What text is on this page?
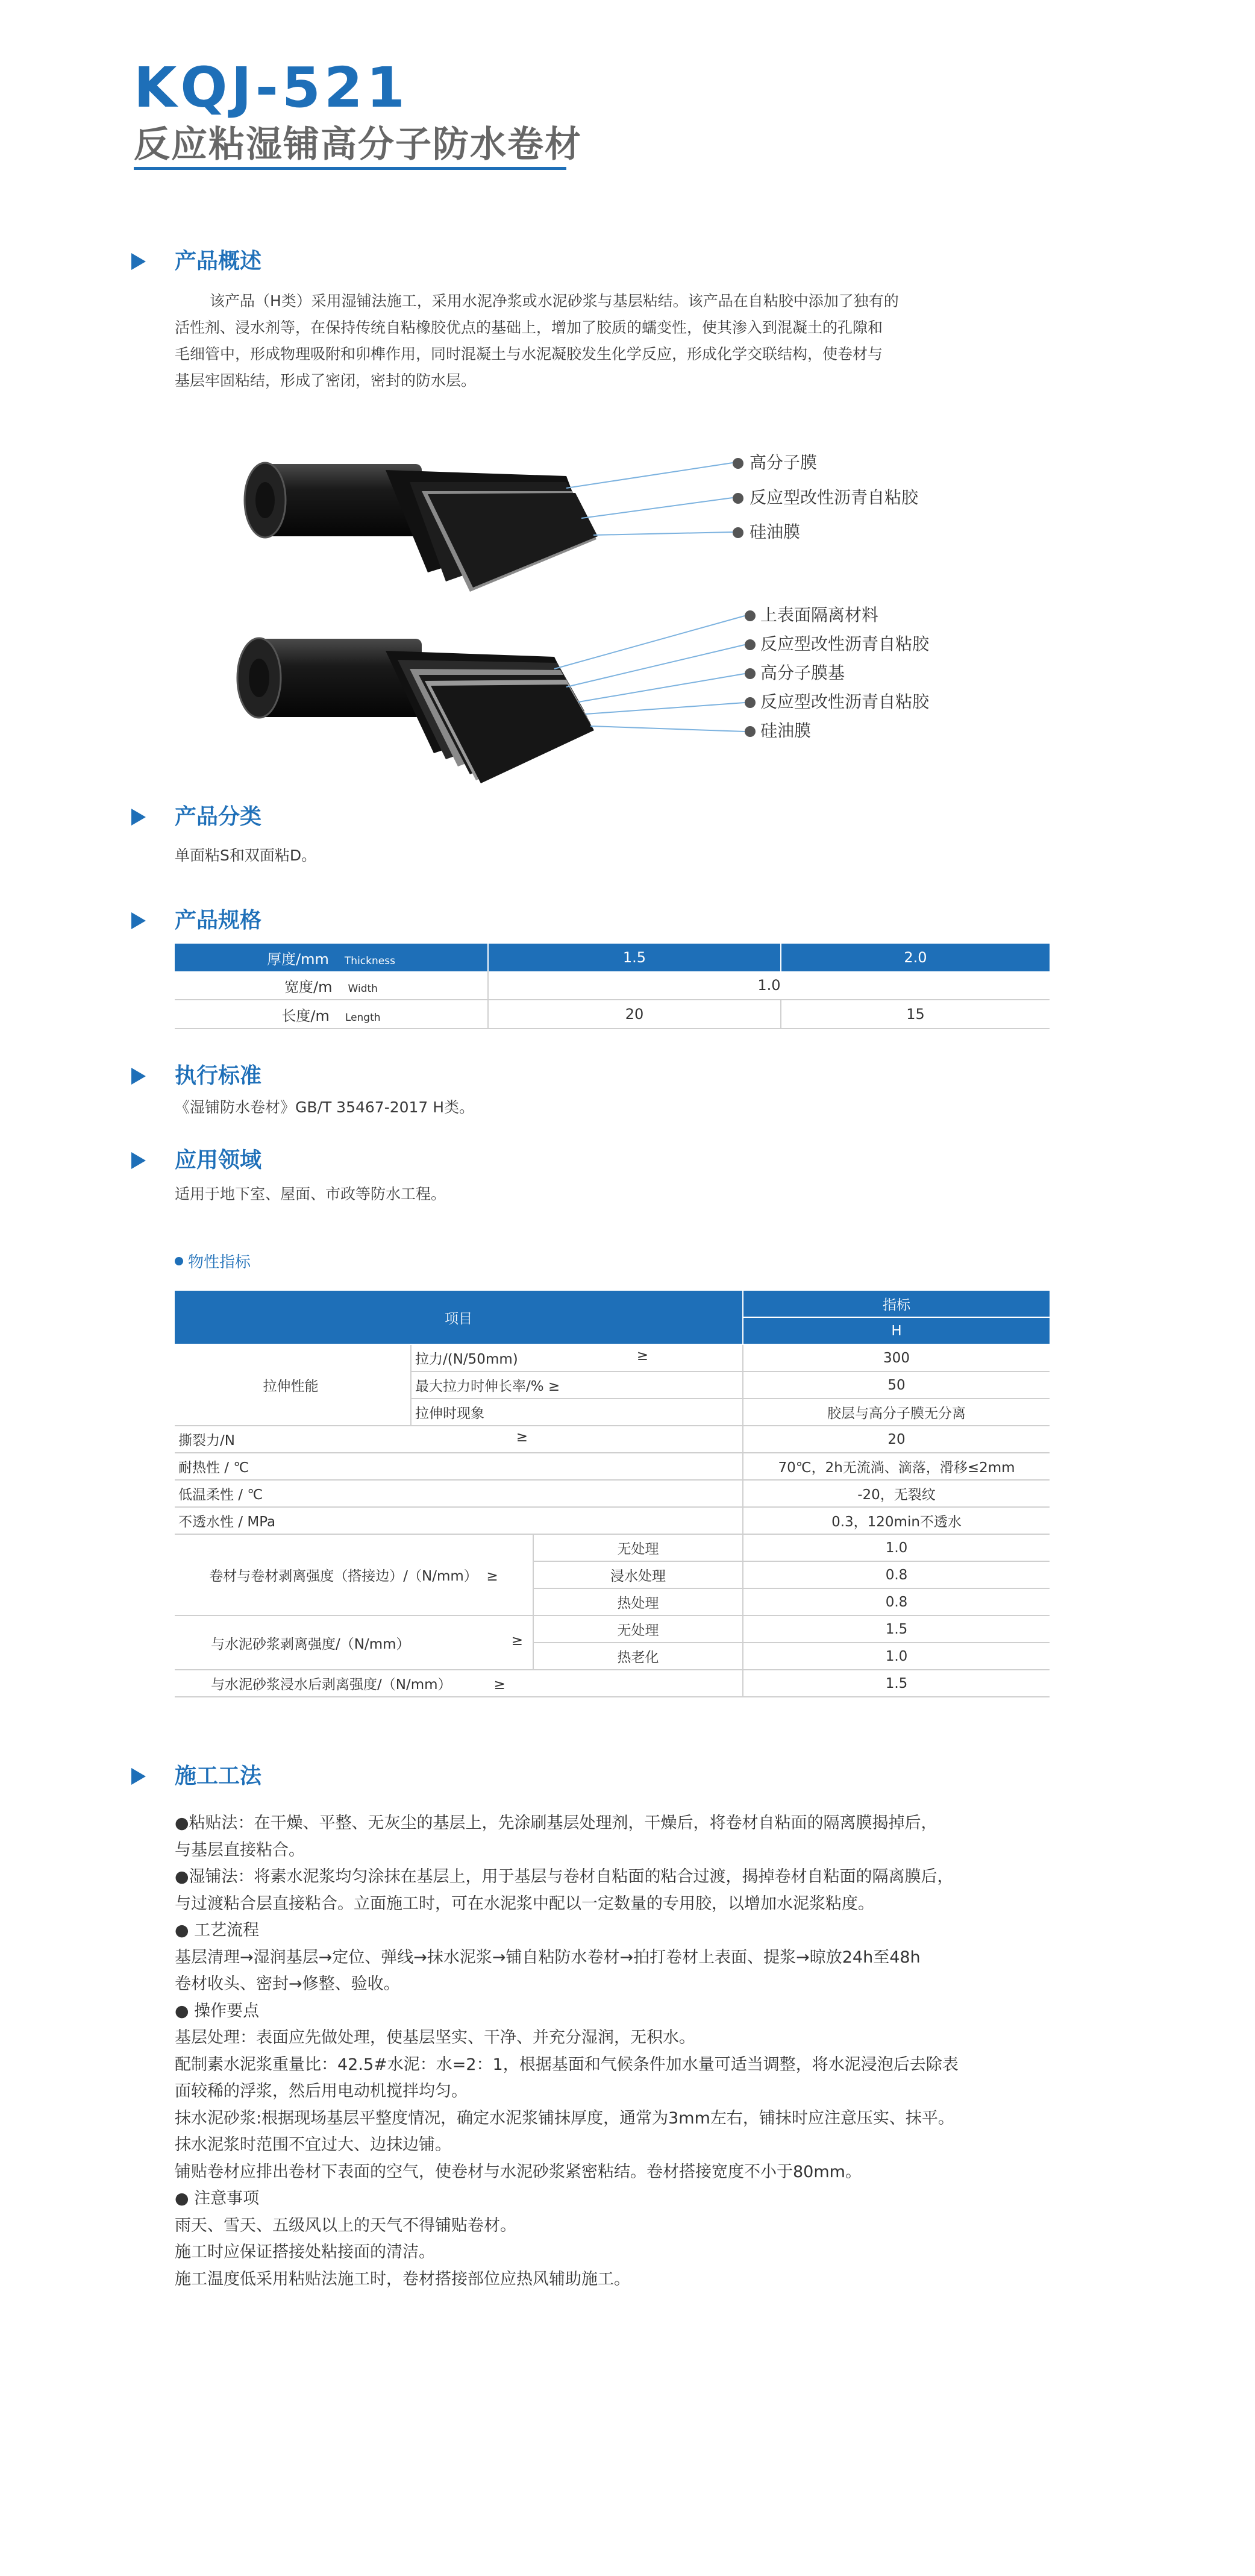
KQJ-521
反应粘湿铺高分子防水卷材
产品概述

该产品（H类）采用湿铺法施工，采用水泥净浆或水泥砂浆与基层粘结。该产品在自粘胶中添加了独有的

活性剂、浸水剂等，在保持传统自粘橡胶优点的基础上，增加了胶质的蠕变性，使其渗入到混凝土的孔隙和

毛细管中，形成物理吸附和卯榫作用，同时混凝土与水泥凝胶发生化学反应，形成化学交联结构，使卷材与

基层牢固粘结，形成了密闭，密封的防水层。

高分子膜
反应型改性沥青自粘胶
硅油膜
上表面隔离材料
反应型改性沥青自粘胶
高分子膜基
反应型改性沥青自粘胶
硅油膜
产品分类
单面粘S和双面粘D。
产品规格
厚度/mm Thickness	1.5	2.0
宽度/m Width	1.0	
长度/m Length	20	15
执行标准
《湿铺防水卷材》GB/T 35467-2017 H类。
应用领域
适用于地下室、屋面、市政等防水工程。
物性指标
项目			指标
			H
拉伸性能	拉力/(N/50mm) ≥		300
	最大拉力时伸长率/% ≥		50
	拉伸时现象		胶层与高分子膜无分离
撕裂力/N ≥			20
耐热性 / ℃			70℃，2h无流淌、滴落，滑移≤2mm
低温柔性 / ℃			-20，无裂纹
不透水性 / MPa			0.3，120min不透水
卷材与卷材剥离强度（搭接边）/（N/mm） ≥		无处理	1.0
		浸水处理	0.8
		热处理	0.8
与水泥砂浆剥离强度/（N/mm） ≥		无处理	1.5
		热老化	1.0
与水泥砂浆浸水后剥离强度/（N/mm） ≥			1.5
施工工法

●粘贴法：在干燥、平整、无灰尘的基层上，先涂刷基层处理剂，干燥后，将卷材自粘面的隔离膜揭掉后，

与基层直接粘合。

●湿铺法：将素水泥浆均匀涂抹在基层上，用于基层与卷材自粘面的粘合过渡，揭掉卷材自粘面的隔离膜后，

与过渡粘合层直接粘合。立面施工时，可在水泥浆中配以一定数量的专用胶，以增加水泥浆粘度。

● 工艺流程

基层清理→湿润基层→定位、弹线→抹水泥浆→铺自粘防水卷材→拍打卷材上表面、提浆→晾放24h至48h

卷材收头、密封→修整、验收。

● 操作要点

基层处理：表面应先做处理，使基层坚实、干净、并充分湿润，无积水。

配制素水泥浆重量比：42.5#水泥：水=2：1，根据基面和气候条件加水量可适当调整，将水泥浸泡后去除表

面较稀的浮浆，然后用电动机搅拌均匀。

抹水泥砂浆:根据现场基层平整度情况，确定水泥浆铺抹厚度，通常为3mm左右，铺抹时应注意压实、抹平。

抹水泥浆时范围不宜过大、边抹边铺。

铺贴卷材应排出卷材下表面的空气，使卷材与水泥砂浆紧密粘结。卷材搭接宽度不小于80mm。

● 注意事项

雨天、雪天、五级风以上的天气不得铺贴卷材。

施工时应保证搭接处粘接面的清洁。

施工温度低采用粘贴法施工时，卷材搭接部位应热风辅助施工。
